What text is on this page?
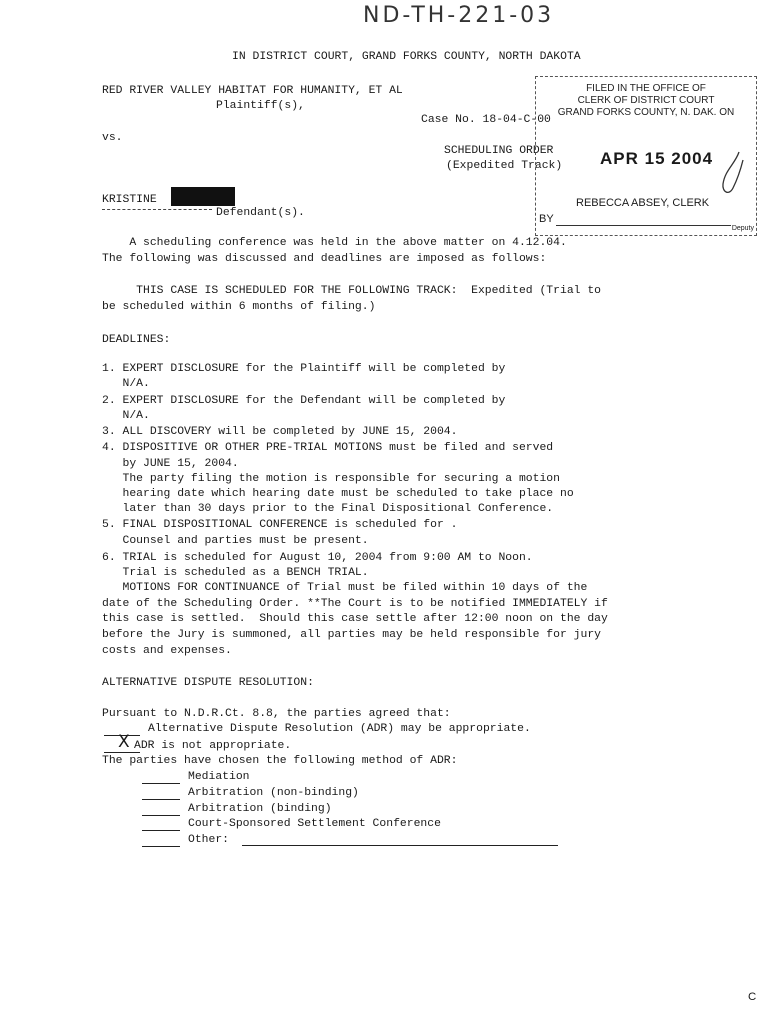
ND-TH-221-03
IN DISTRICT COURT, GRAND FORKS COUNTY, NORTH DAKOTA
RED RIVER VALLEY HABITAT FOR HUMANITY, ET AL
Plaintiff(s),
Case No. 18-04-C-00
vs.
SCHEDULING ORDER
(Expedited Track)
KRISTINE
Defendant(s).
FILED IN THE OFFICE OF
CLERK OF DISTRICT COURT
GRAND FORKS COUNTY, N. DAK. ON
APR 15 2004
REBECCA ABSEY, CLERK
BY
Deputy
A scheduling conference was held in the above matter on 4.12.04.
The following was discussed and deadlines are imposed as follows:
THIS CASE IS SCHEDULED FOR THE FOLLOWING TRACK:  Expedited (Trial to
be scheduled within 6 months of filing.)
DEADLINES:
1. EXPERT DISCLOSURE for the Plaintiff will be completed by
N/A.
2. EXPERT DISCLOSURE for the Defendant will be completed by
N/A.
3. ALL DISCOVERY will be completed by JUNE 15, 2004.
4. DISPOSITIVE OR OTHER PRE-TRIAL MOTIONS must be filed and served
by JUNE 15, 2004.
The party filing the motion is responsible for securing a motion
hearing date which hearing date must be scheduled to take place no
later than 30 days prior to the Final Dispositional Conference.
5. FINAL DISPOSITIONAL CONFERENCE is scheduled for .
Counsel and parties must be present.
6. TRIAL is scheduled for August 10, 2004 from 9:00 AM to Noon.
Trial is scheduled as a BENCH TRIAL.
MOTIONS FOR CONTINUANCE of Trial must be filed within 10 days of the
date of the Scheduling Order. **The Court is to be notified IMMEDIATELY if
this case is settled.  Should this case settle after 12:00 noon on the day
before the Jury is summoned, all parties may be held responsible for jury
costs and expenses.
ALTERNATIVE DISPUTE RESOLUTION:
Pursuant to N.D.R.Ct. 8.8, the parties agreed that:
Alternative Dispute Resolution (ADR) may be appropriate.
X ADR is not appropriate.
The parties have chosen the following method of ADR:
Mediation
Arbitration (non-binding)
Arbitration (binding)
Court-Sponsored Settlement Conference
Other:
C
